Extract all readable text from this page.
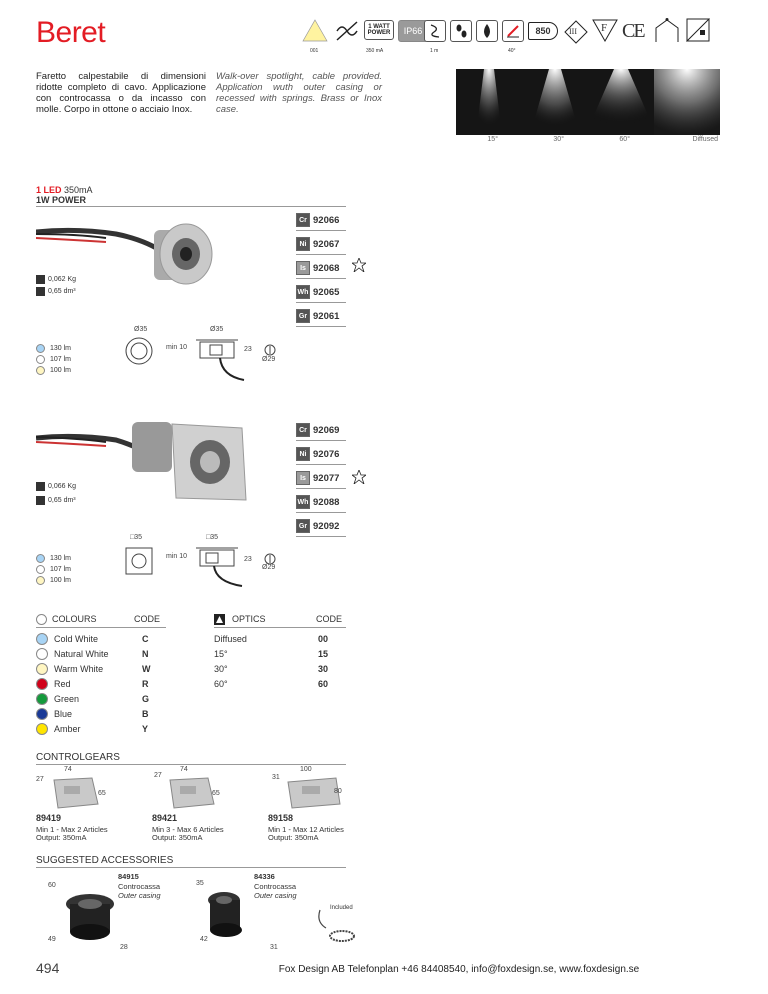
Beret
001
1 WATT
POWER
350 mA
IP66
1 m	40°
850 III F CE
Faretto calpestabile di dimensioni ridotte completo di cavo. Applicazione con controcassa o da incasso con molle. Corpo in ottone o acciaio Inox.
Walk-over spotlight, cable provided. Application wuth outer casing or recessed with springs. Brass or Inox case.
15°	30°	60°	Diffused
1 LED 350mA
1W POWER
Cr 92066
Ni 92067
Is 92068
Wh 92065
Gr 92061
0,062 Kg
0,65 dm³
Ø35	Ø35
min 10	23
Ø29
130 lm
107 lm
100 lm
Cr 92069
Ni 92076
Is 92077
Wh 92088
Gr 92092
0,066 Kg
0,65 dm³
□35	□35
min 10	23
Ø29
130 lm
107 lm
100 lm
COLOURS	CODE	OPTICS	CODE
Cold White	C
Natural White	N
Warm White	W
Red	R
Green	G
Blue	B
Amber	Y
Diffused	00
15°	15
30°	30
60°	60
CONTROLGEARS
74
27
65
89419
Min 1 - Max 2 Articles
Output: 350mA
74
27
65
89421
Min 3 - Max 6 Articles
Output: 350mA
100
31
80
89158
Min 1 - Max 12 Articles
Output: 350mA
SUGGESTED ACCESSORIES
84915
Controcassa
Outer casing
60
49
28
84336
Controcassa
Outer casing
35
42
31
Included
494	Fox Design AB Telefonplan +46 84408540, info@foxdesign.se, www.foxdesign.se
